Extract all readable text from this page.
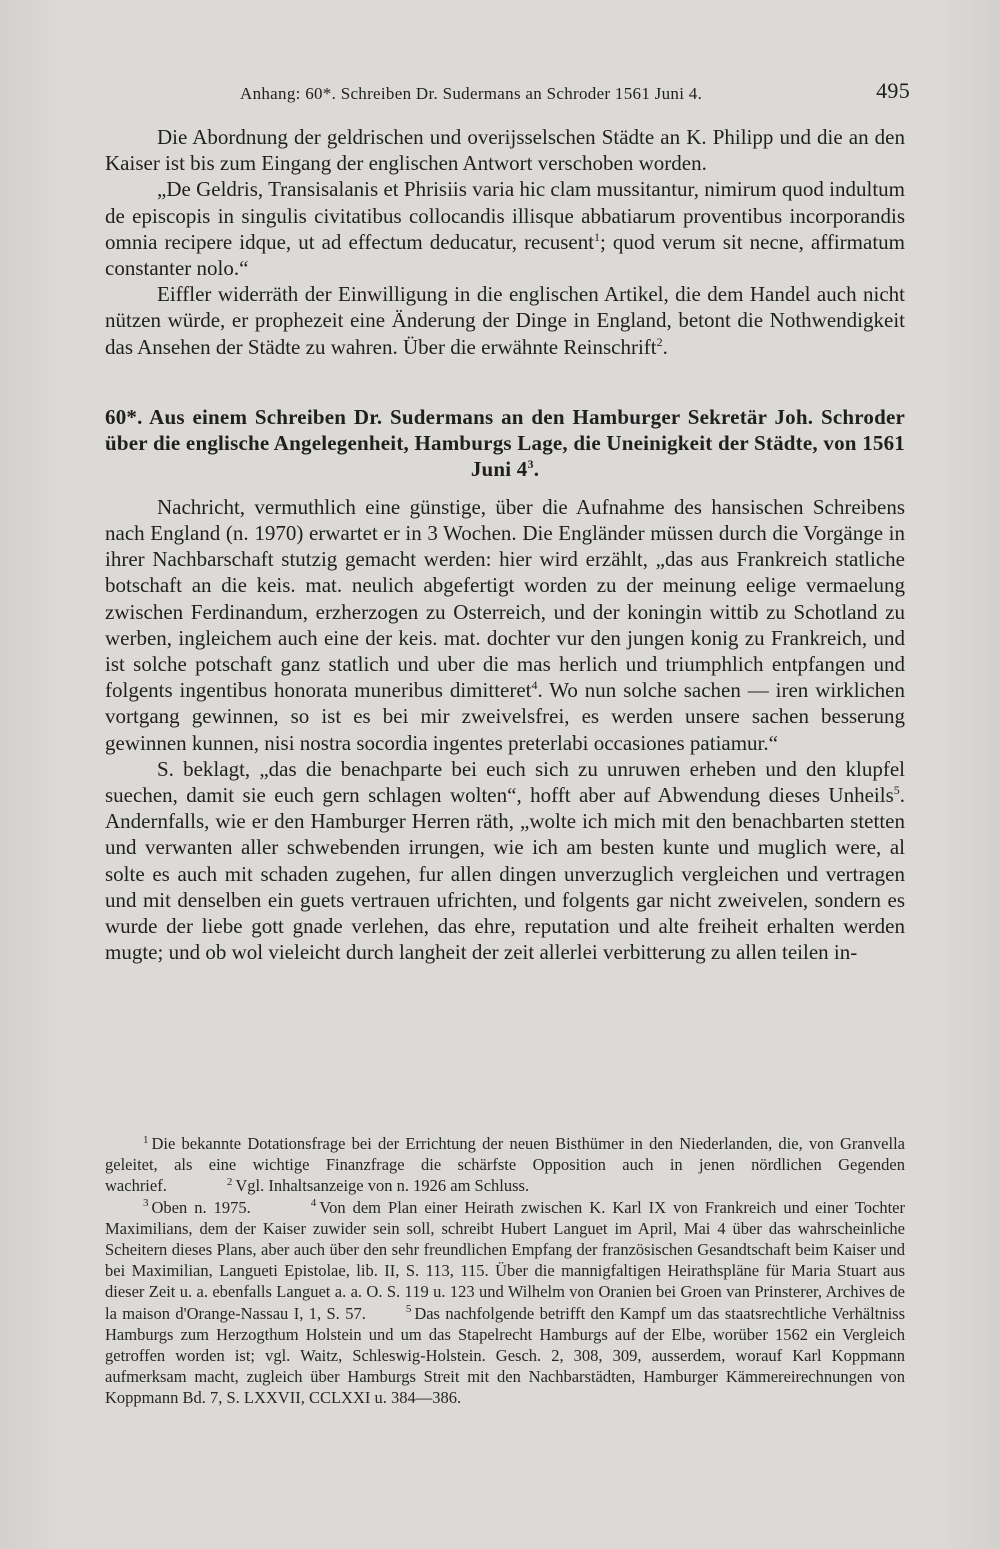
Anhang: 60*. Schreiben Dr. Sudermans an Schroder 1561 Juni 4.	495

Die Abordnung der geldrischen und overijsselschen Städte an K. Philipp und die an den Kaiser ist bis zum Eingang der englischen Antwort verschoben worden.

„De Geldris, Transisalanis et Phrisiis varia hic clam mussitantur, nimirum quod indultum de episcopis in singulis civitatibus collocandis illisque abbatiarum proventibus incorporandis omnia recipere idque, ut ad effectum deducatur, recusent$^1$; quod verum sit necne, affirmatum constanter nolo.“

Eiffler widerräth der Einwilligung in die englischen Artikel, die dem Handel auch nicht nützen würde, er prophezeit eine Änderung der Dinge in England, betont die Nothwendigkeit das Ansehen der Städte zu wahren. Über die erwähnte Reinschrift$^2$.

60*. Aus einem Schreiben Dr. Sudermans an den Hamburger Sekretär Joh. Schroder über die englische Angelegenheit, Hamburgs Lage, die Uneinigkeit der Städte, von 1561 Juni $4^3$.

Nachricht, vermuthlich eine günstige, über die Aufnahme des hansischen Schreibens nach England (n. 1970) erwartet er in 3 Wochen. Die Engländer müssen durch die Vorgänge in ihrer Nachbarschaft stutzig gemacht werden: hier wird erzählt, „das aus Frankreich statliche botschaft an die keis. mat. neulich abgefertigt worden zu der meinung eelige vermaelung zwischen Ferdinandum, erzherzogen zu Osterreich, und der koningin wittib zu Schotland zu werben, ingleichem auch eine der keis. mat. dochter vur den jungen konig zu Frankreich, und ist solche potschaft ganz statlich und uber die mas herlich und triumphlich entpfangen und folgents ingentibus honorata muneribus dimitteret$^4$. Wo nun solche sachen — iren wirklichen vortgang gewinnen, so ist es bei mir zweivelsfrei, es werden unsere sachen besserung gewinnen kunnen, nisi nostra socordia ingentes preterlabi occasiones patiamur.“

S. beklagt, „das die benachparte bei euch sich zu unruwen erheben und den klupfel suechen, damit sie euch gern schlagen wolten“, hofft aber auf Abwendung dieses Unheils$^5$. Andernfalls, wie er den Hamburger Herren räth, „wolte ich mich mit den benachbarten stetten und verwanten aller schwebenden irrungen, wie ich am besten kunte und muglich were, al solte es auch mit schaden zugehen, fur allen dingen unverzuglich vergleichen und vertragen und mit denselben ein guets vertrauen ufrichten, und folgents gar nicht zweivelen, sondern es wurde der liebe gott gnade verlehen, das ehre, reputation und alte freiheit erhalten werden mugte; und ob wol vieleicht durch langheit der zeit allerlei verbitterung zu allen teilen in-

$^1$ Die bekannte Dotationsfrage bei der Errichtung der neuen Bisthümer in den Niederlanden, die, von Granvella geleitet, als eine wichtige Finanzfrage die schärfste Opposition auch in jenen nördlichen Gegenden wachrief.	$^2$ Vgl. Inhaltsanzeige von n. 1926 am Schluss.

$^3$ Oben n. 1975.	$^4$ Von dem Plan einer Heirath zwischen K. Karl IX von Frankreich und einer Tochter Maximilians, dem der Kaiser zuwider sein soll, schreibt Hubert Languet im April, Mai 4 über das wahrscheinliche Scheitern dieses Plans, aber auch über den sehr freundlichen Empfang der französischen Gesandtschaft beim Kaiser und bei Maximilian, Langueti Epistolae, lib. II, S. 113, 115. Über die mannigfaltigen Heirathspläne für Maria Stuart aus dieser Zeit u. a. ebenfalls Languet a. a. O. S. 119 u. 123 und Wilhelm von Oranien bei Groen van Prinsterer, Archives de la maison d'Orange-Nassau I, 1, S. 57.	$^5$ Das nachfolgende betrifft den Kampf um das staatsrechtliche Verhältniss Hamburgs zum Herzogthum Holstein und um das Stapelrecht Hamburgs auf der Elbe, worüber 1562 ein Vergleich getroffen worden ist; vgl. Waitz, Schleswig-Holstein. Gesch. 2, 308, 309, ausserdem, worauf Karl Koppmann aufmerksam macht, zugleich über Hamburgs Streit mit den Nachbarstädten, Hamburger Kämmereirechnungen von Koppmann Bd. 7, S. LXXVII, CCLXXI u. 384—386.
